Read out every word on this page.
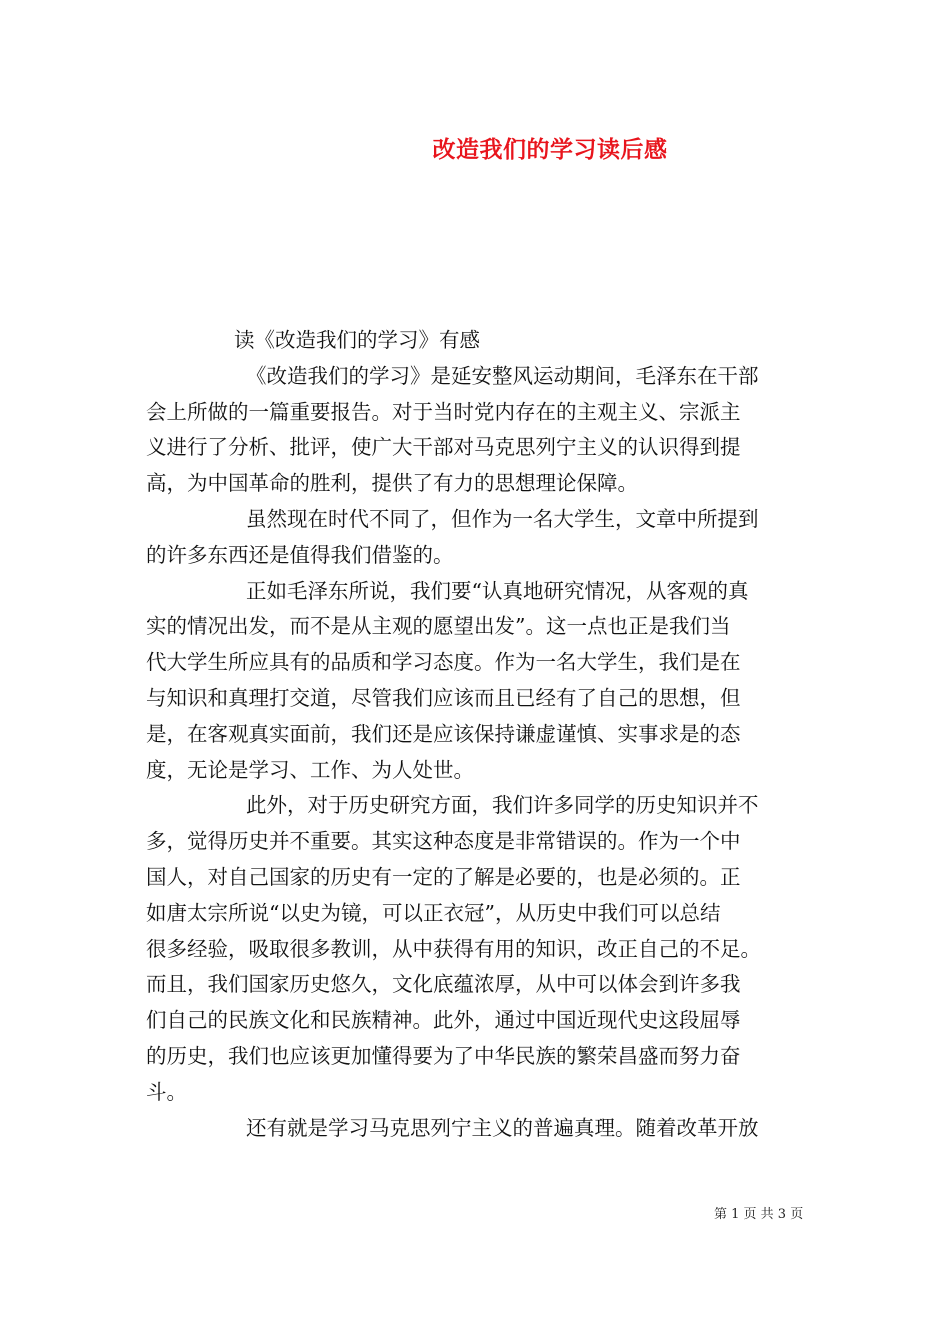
改造我们的学习读后感
读《改造我们的学习》有感
《改造我们的学习》是延安整风运动期间，毛泽东在干部
会上所做的一篇重要报告。对于当时党内存在的主观主义、宗派主
义进行了分析、批评，使广大干部对马克思列宁主义的认识得到提
高，为中国革命的胜利，提供了有力的思想理论保障。
虽然现在时代不同了，但作为一名大学生，文章中所提到
的许多东西还是值得我们借鉴的。
正如毛泽东所说，我们要“认真地研究情况，从客观的真
实的情况出发，而不是从主观的愿望出发”。这一点也正是我们当
代大学生所应具有的品质和学习态度。作为一名大学生，我们是在
与知识和真理打交道，尽管我们应该而且已经有了自己的思想，但
是，在客观真实面前，我们还是应该保持谦虚谨慎、实事求是的态
度，无论是学习、工作、为人处世。
此外，对于历史研究方面，我们许多同学的历史知识并不
多，觉得历史并不重要。其实这种态度是非常错误的。作为一个中
国人，对自己国家的历史有一定的了解是必要的，也是必须的。正
如唐太宗所说“以史为镜，可以正衣冠”，从历史中我们可以总结
很多经验，吸取很多教训，从中获得有用的知识，改正自己的不足。
而且，我们国家历史悠久，文化底蕴浓厚，从中可以体会到许多我
们自己的民族文化和民族精神。此外，通过中国近现代史这段屈辱
的历史，我们也应该更加懂得要为了中华民族的繁荣昌盛而努力奋
斗。
还有就是学习马克思列宁主义的普遍真理。随着改革开放
第 1 页 共 3 页
